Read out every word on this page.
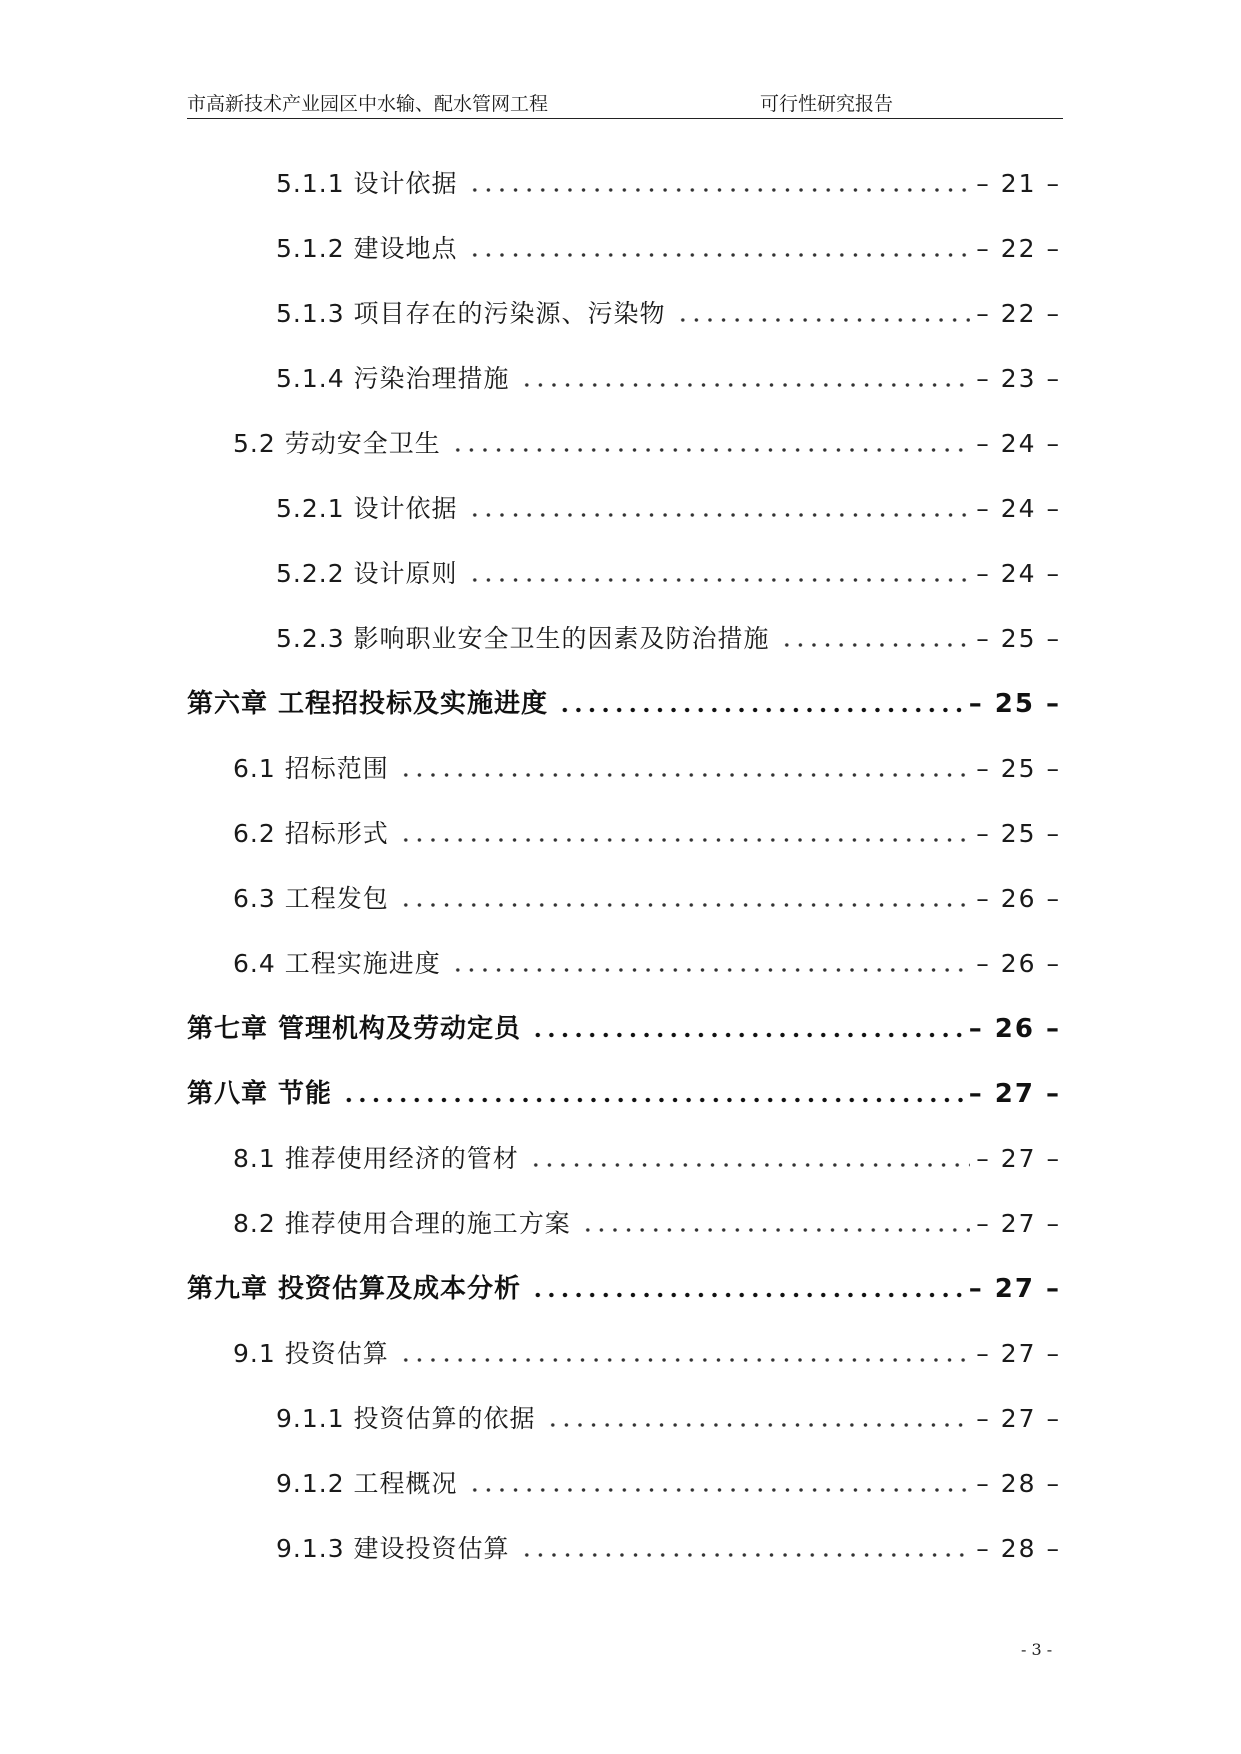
市高新技术产业园区中水输、配水管网工程	可行性研究报告
5.1.1 设计依据	– 21 –
5.1.2 建设地点	– 22 –
5.1.3 项目存在的污染源、污染物	– 22 –
5.1.4 污染治理措施	– 23 –
5.2 劳动安全卫生	– 24 –
5.2.1 设计依据	– 24 –
5.2.2 设计原则	– 24 –
5.2.3 影响职业安全卫生的因素及防治措施	– 25 –
第六章 工程招投标及实施进度	– 25 –
6.1 招标范围	– 25 –
6.2 招标形式	– 25 –
6.3 工程发包	– 26 –
6.4 工程实施进度	– 26 –
第七章 管理机构及劳动定员	– 26 –
第八章 节能	– 27 –
8.1 推荐使用经济的管材	– 27 –
8.2 推荐使用合理的施工方案	– 27 –
第九章 投资估算及成本分析	– 27 –
9.1 投资估算	– 27 –
9.1.1 投资估算的依据	– 27 –
9.1.2 工程概况	– 28 –
9.1.3 建设投资估算	– 28 –
- 3 -
